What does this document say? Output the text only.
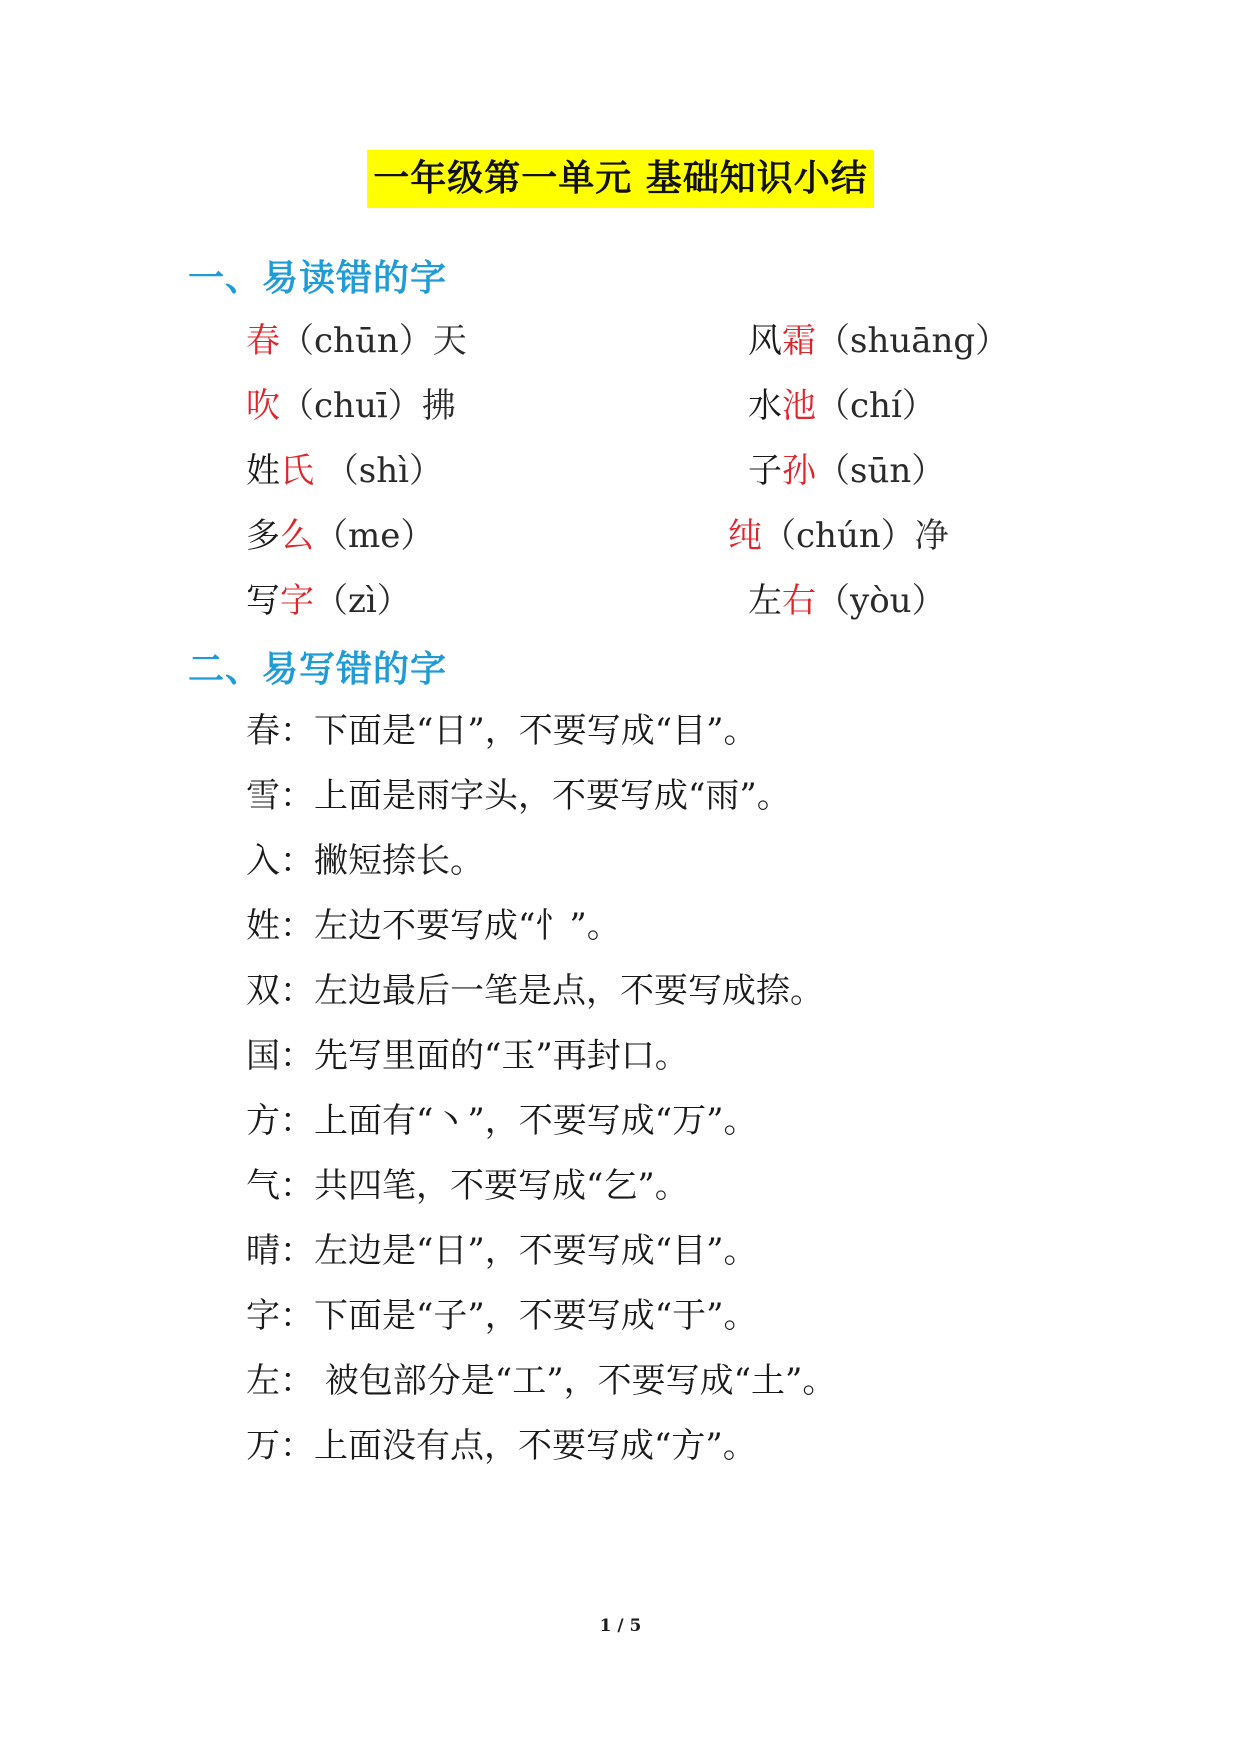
一年级第一单元 基础知识小结
一、易读错的字
春（chūn）天
吹（chuī）拂
姓氏 （shì）
多么（me）
写字（zì）
风霜（shuāng）
水池（chí）
子孙（sūn）
纯（chún）净
左右（yòu）
二、易写错的字
春：下面是“日”，不要写成“目”。
雪：上面是雨字头，不要写成“雨”。
入：撇短捺长。
姓：左边不要写成“忄”。
双：左边最后一笔是点，不要写成捺。
国：先写里面的“玉”再封口。
方：上面有“丶”，不要写成“万”。
气：共四笔，不要写成“乞”。
晴：左边是“日”，不要写成“目”。
字：下面是“子”，不要写成“于”。
左： 被包部分是“工”，不要写成“土”。
万：上面没有点，不要写成“方”。
1 / 5
